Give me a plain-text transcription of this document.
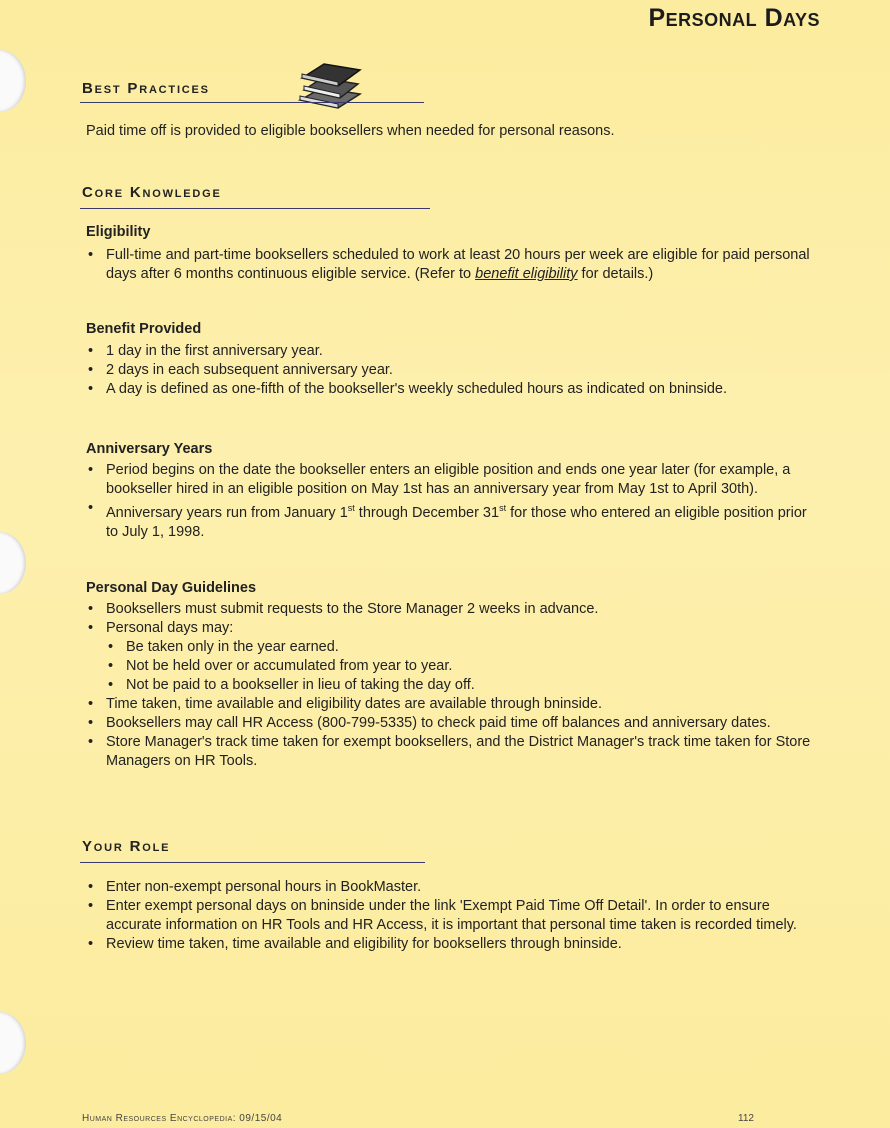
Personal Days
Best Practices
Paid time off is provided to eligible booksellers when needed for personal reasons.
Core Knowledge
Eligibility
• Full-time and part-time booksellers scheduled to work at least 20 hours per week are eligible for paid personal days after 6 months continuous eligible service. (Refer to benefit eligibility for details.)
Benefit Provided
• 1 day in the first anniversary year.
• 2 days in each subsequent anniversary year.
• A day is defined as one-fifth of the bookseller's weekly scheduled hours as indicated on bninside.
Anniversary Years
• Period begins on the date the bookseller enters an eligible position and ends one year later (for example, a bookseller hired in an eligible position on May 1st has an anniversary year from May 1st to April 30th).
• Anniversary years run from January 1st through December 31st for those who entered an eligible position prior to July 1, 1998.
Personal Day Guidelines
• Booksellers must submit requests to the Store Manager 2 weeks in advance.
• Personal days may:
• Be taken only in the year earned.
• Not be held over or accumulated from year to year.
• Not be paid to a bookseller in lieu of taking the day off.
• Time taken, time available and eligibility dates are available through bninside.
• Booksellers may call HR Access (800-799-5335) to check paid time off balances and anniversary dates.
• Store Manager's track time taken for exempt booksellers, and the District Manager's track time taken for Store Managers on HR Tools.
Your Role
• Enter non-exempt personal hours in BookMaster.
• Enter exempt personal days on bninside under the link 'Exempt Paid Time Off Detail'. In order to ensure accurate information on HR Tools and HR Access, it is important that personal time taken is recorded timely.
• Review time taken, time available and eligibility for booksellers through bninside.
Human Resources Encyclopedia: 09/15/04	112
